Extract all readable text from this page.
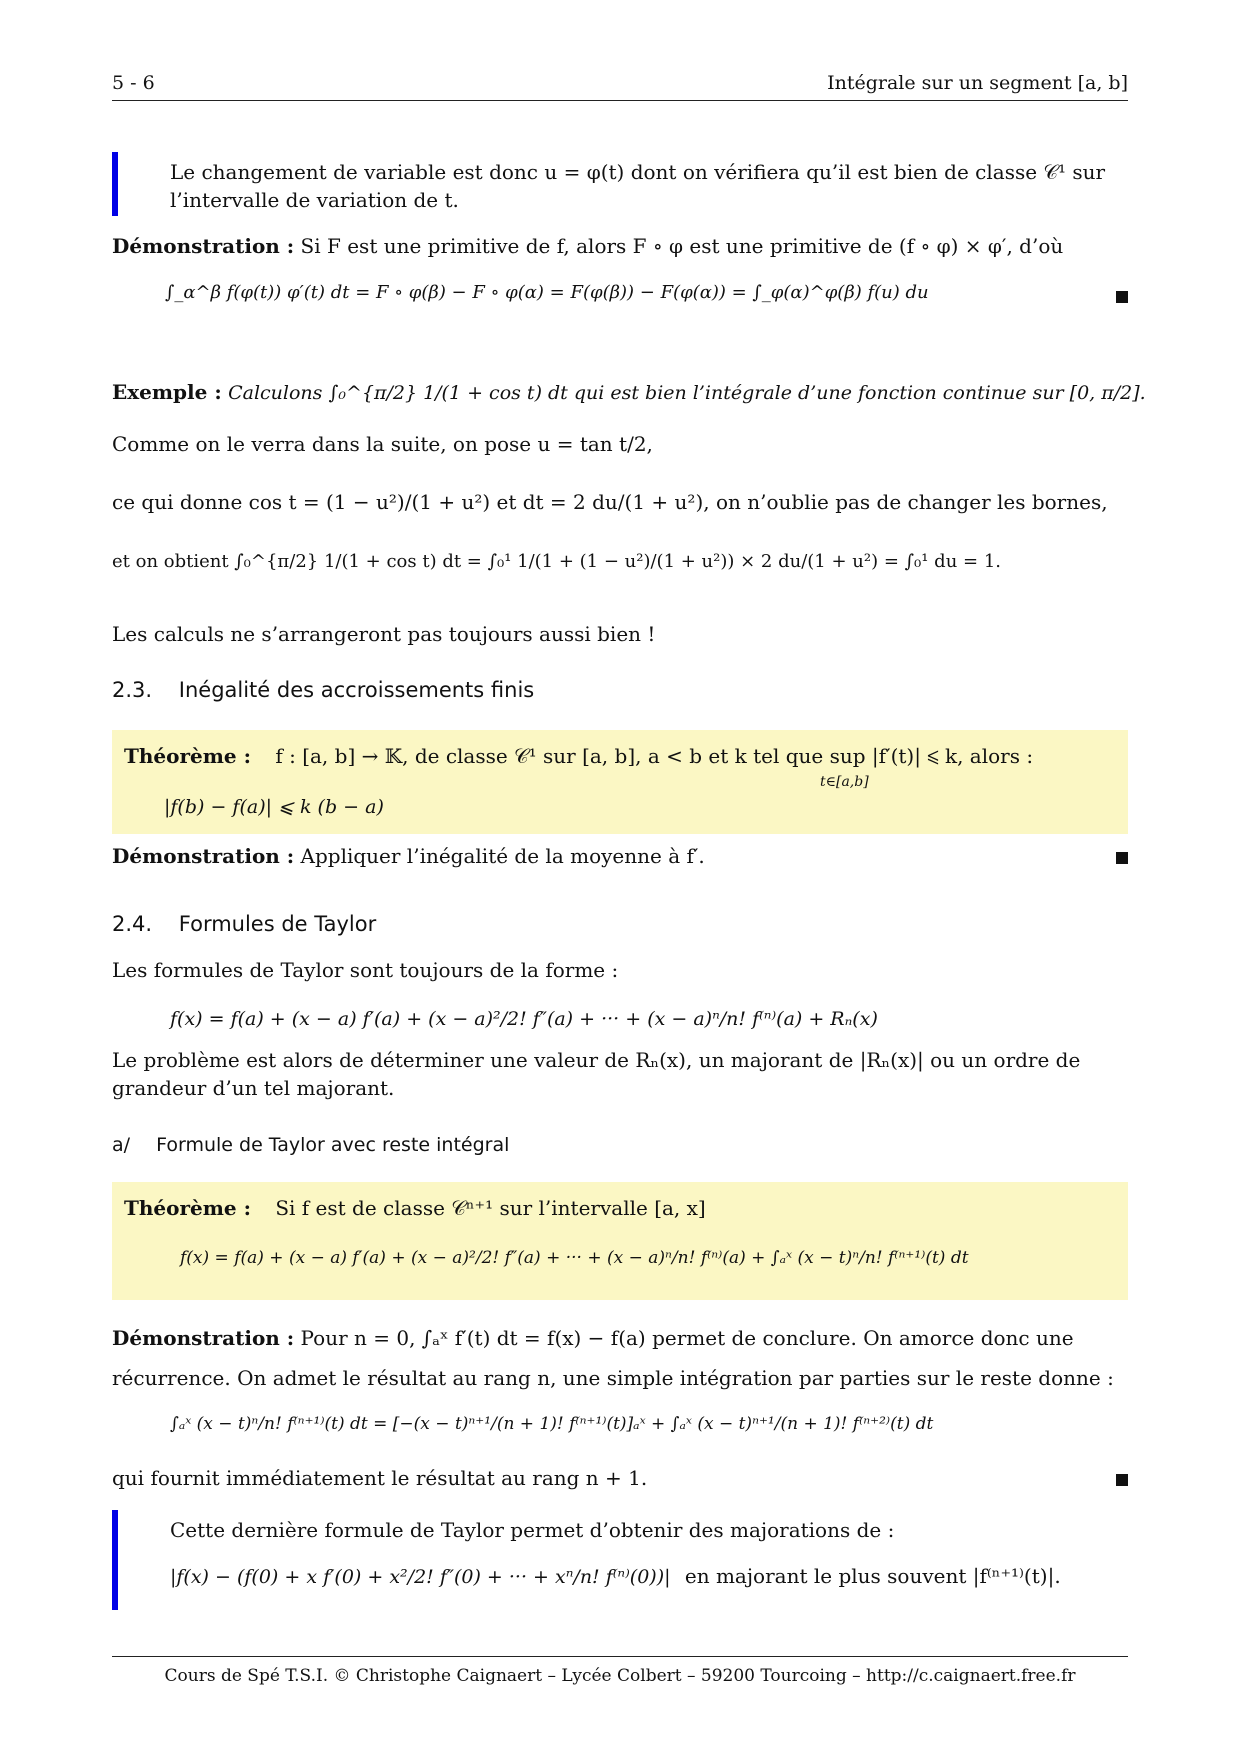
5 - 6	Intégrale sur un segment [a, b]
Le changement de variable est donc u = φ(t) dont on vérifiera qu’il est bien de classe 𝒞¹ sur
l’intervalle de variation de t.
Démonstration : Si F est une primitive de f, alors F ∘ φ est une primitive de (f ∘ φ) × φ′, d’où
∫_α^β f(φ(t)) φ′(t) dt = F ∘ φ(β) − F ∘ φ(α) = F(φ(β)) − F(φ(α)) = ∫_φ(α)^φ(β) f(u) du
Exemple : Calculons ∫₀^{π/2} 1/(1 + cos t) dt qui est bien l’intégrale d’une fonction continue sur [0, π/2].
Comme on le verra dans la suite, on pose u = tan t/2,
ce qui donne cos t = (1 − u²)/(1 + u²) et dt = 2 du/(1 + u²), on n’oublie pas de changer les bornes,
et on obtient ∫₀^{π/2} 1/(1 + cos t) dt = ∫₀¹ 1/(1 + (1 − u²)/(1 + u²)) × 2 du/(1 + u²) = ∫₀¹ du = 1.
Les calculs ne s’arrangeront pas toujours aussi bien !
2.3. Inégalité des accroissements finis
Théorème : f : [a, b] → 𝕂, de classe 𝒞¹ sur [a, b], a < b et k tel que sup |f′(t)| ⩽ k, alors :
t∈[a,b]
|f(b) − f(a)| ⩽ k (b − a)
Démonstration : Appliquer l’inégalité de la moyenne à f′.
2.4. Formules de Taylor
Les formules de Taylor sont toujours de la forme :
f(x) = f(a) + (x − a) f′(a) + (x − a)²/2! f″(a) + ··· + (x − a)ⁿ/n! f⁽ⁿ⁾(a) + Rₙ(x)
Le problème est alors de déterminer une valeur de Rₙ(x), un majorant de |Rₙ(x)| ou un ordre de
grandeur d’un tel majorant.
a/ Formule de Taylor avec reste intégral
Théorème : Si f est de classe 𝒞ⁿ⁺¹ sur l’intervalle [a, x]
f(x) = f(a) + (x − a) f′(a) + (x − a)²/2! f″(a) + ··· + (x − a)ⁿ/n! f⁽ⁿ⁾(a) + ∫ₐˣ (x − t)ⁿ/n! f⁽ⁿ⁺¹⁾(t) dt
Démonstration : Pour n = 0, ∫ₐˣ f′(t) dt = f(x) − f(a) permet de conclure. On amorce donc une
récurrence. On admet le résultat au rang n, une simple intégration par parties sur le reste donne :
∫ₐˣ (x − t)ⁿ/n! f⁽ⁿ⁺¹⁾(t) dt = [−(x − t)ⁿ⁺¹/(n + 1)! f⁽ⁿ⁺¹⁾(t)]ₐˣ + ∫ₐˣ (x − t)ⁿ⁺¹/(n + 1)! f⁽ⁿ⁺²⁾(t) dt
qui fournit immédiatement le résultat au rang n + 1.
Cette dernière formule de Taylor permet d’obtenir des majorations de :
|f(x) − (f(0) + x f′(0) + x²/2! f″(0) + ··· + xⁿ/n! f⁽ⁿ⁾(0))| en majorant le plus souvent |f⁽ⁿ⁺¹⁾(t)|.
Cours de Spé T.S.I. © Christophe Caignaert – Lycée Colbert – 59200 Tourcoing – http://c.caignaert.free.fr
